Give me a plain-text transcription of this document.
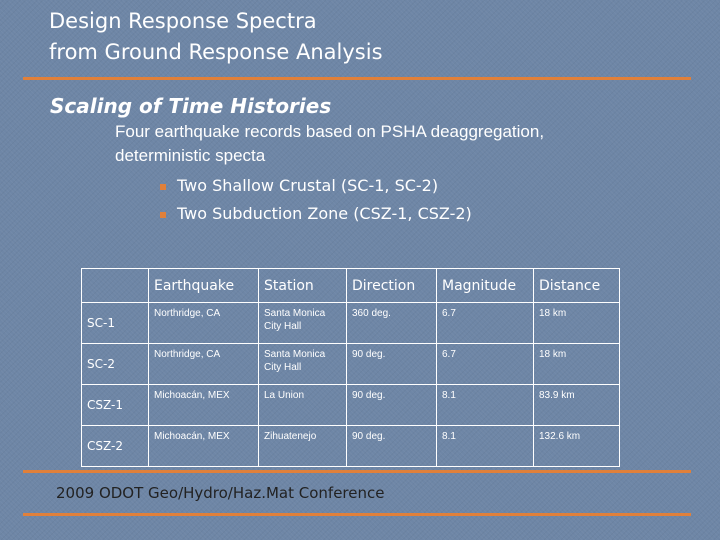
Design Response Spectra
from Ground Response Analysis
Scaling of Time Histories
Four earthquake records based on PSHA deaggregation,
deterministic specta
Two Shallow Crustal (SC-1, SC-2)
Two Subduction Zone (CSZ-1, CSZ-2)
	Earthquake	Station	Direction	Magnitude	Distance
SC-1	Northridge, CA	Santa Monica City Hall	360 deg.	6.7	18 km
SC-2	Northridge, CA	Santa Monica City Hall	90 deg.	6.7	18 km
CSZ-1	Michoacán, MEX	La Union	90 deg.	8.1	83.9 km
CSZ-2	Michoacán, MEX	Zihuatenejo	90 deg.	8.1	132.6 km
2009 ODOT Geo/Hydro/Haz.Mat Conference
